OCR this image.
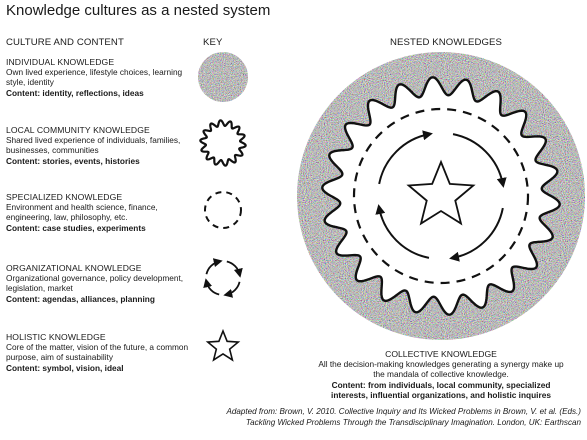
Knowledge cultures as a nested system
CULTURE AND CONTENT	KEY	NESTED KNOWLEDGES
INDIVIDUAL KNOWLEDGE
Own lived experience, lifestyle choices, learning style, identity
Content: identity, reflections, ideas
LOCAL COMMUNITY KNOWLEDGE
Shared lived experience of individuals, families, businesses, communities
Content: stories, events, histories
SPECIALIZED KNOWLEDGE
Environment and health science, finance, engineering, law, philosophy, etc.
Content: case studies, experiments
ORGANIZATIONAL KNOWLEDGE
Organizational governance, policy development, legislation, market
Content: agendas, alliances, planning
HOLISTIC KNOWLEDGE
Core of the matter, vision of the future, a common purpose, aim of sustainability
Content: symbol, vision, ideal
COLLECTIVE KNOWLEDGE
All the decision-making knowledges generating a synergy make up the mandala of collective knowledge.
Content: from individuals, local community, specialized interests, influential organizations, and holistic inquires
Adapted from: Brown, V. 2010. Collective Inquiry and Its Wicked Problems in Brown, V. et al. (Eds.)
Tackling Wicked Problems Through the Transdisciplinary Imagination. London, UK: Earthscan
